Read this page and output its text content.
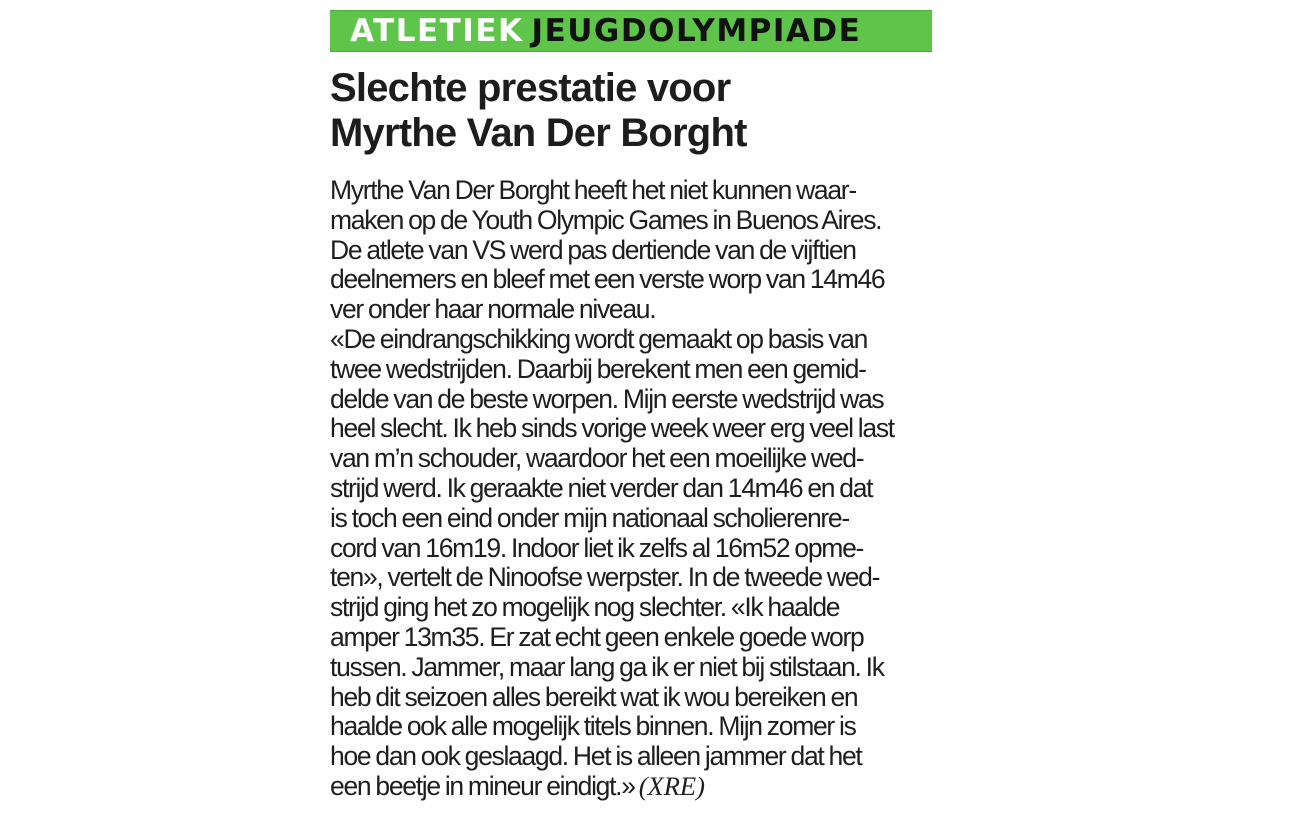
ATLETIEK JEUGDOLYMPIADE
Slechte prestatie voor
Myrthe Van Der Borght
Myrthe Van Der Borght heeft het niet kunnen waar-
maken op de Youth Olympic Games in Buenos Aires.
De atlete van VS werd pas dertiende van de vijftien
deelnemers en bleef met een verste worp van 14m46
ver onder haar normale niveau.
«De eindrangschikking wordt gemaakt op basis van
twee wedstrijden. Daarbij berekent men een gemid-
delde van de beste worpen. Mijn eerste wedstrijd was
heel slecht. Ik heb sinds vorige week weer erg veel last
van m’n schouder, waardoor het een moeilijke wed-
strijd werd. Ik geraakte niet verder dan 14m46 en dat
is toch een eind onder mijn nationaal scholierenre-
cord van 16m19. Indoor liet ik zelfs al 16m52 opme-
ten», vertelt de Ninoofse werpster. In de tweede wed-
strijd ging het zo mogelijk nog slechter. «Ik haalde
amper 13m35. Er zat echt geen enkele goede worp
tussen. Jammer, maar lang ga ik er niet bij stilstaan. Ik
heb dit seizoen alles bereikt wat ik wou bereiken en
haalde ook alle mogelijk titels binnen. Mijn zomer is
hoe dan ook geslaagd. Het is alleen jammer dat het
een beetje in mineur eindigt.» (XRE)
